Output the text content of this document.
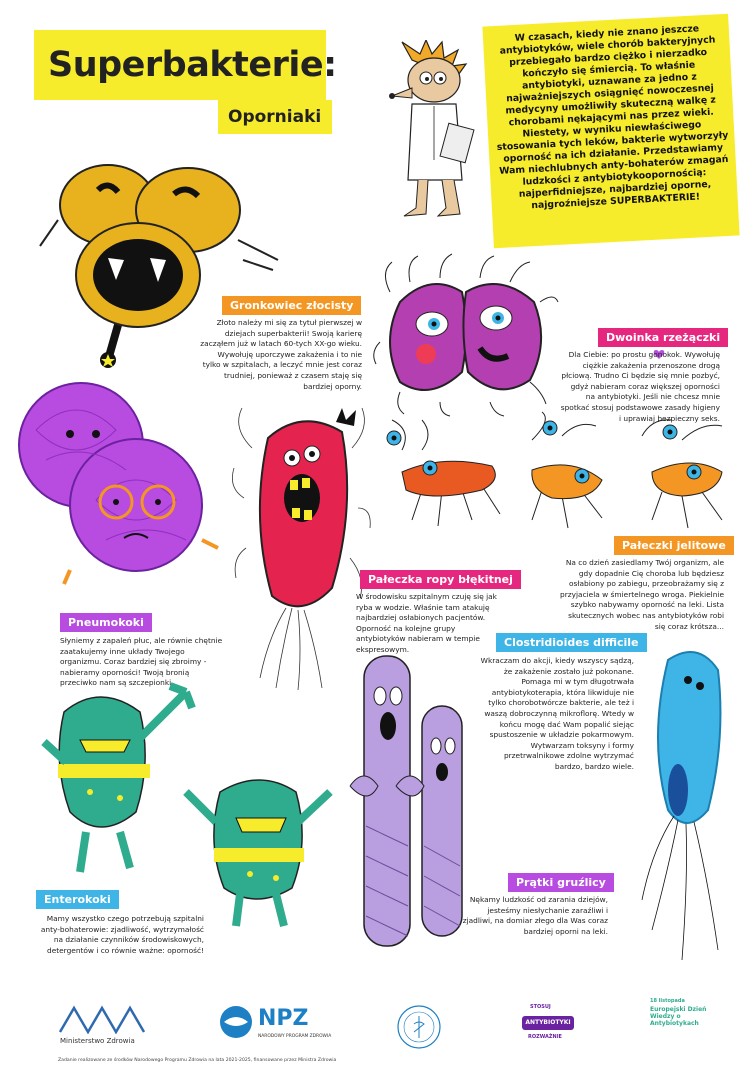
Superbakterie:
Oporniaki

W czasach, kiedy nie znano jeszcze antybiotyków, wiele chorób bakteryjnych przebiegało bardzo ciężko i nierzadko kończyło się śmiercią. To właśnie antybiotyki, uznawane za jedno z najważniejszych osiągnięć nowoczesnej medycyny umożliwiły skuteczną walkę z chorobami nękającymi nas przez wieki. Niestety, w wyniku niewłaściwego stosowania tych leków, bakterie wytworzyły oporność na ich działanie. Przedstawiamy Wam niechlubnych anty-bohaterów zmagań ludzkości z antybiotykoopornością: najperfidniejsze, najbardziej oporne, najgroźniejsze SUPERBAKTERIE!

Gronkowiec złocisty

Złoto należy mi się za tytuł pierwszej w dziejach superbakterii! Swoją karierę zacząłem już w latach 60-tych XX-go wieku. Wywołuję uporczywe zakażenia i to nie tylko w szpitalach, a leczyć mnie jest coraz trudniej, ponieważ z czasem staję się bardziej oporny.

Dwoinka rzeżączki

Dla Ciebie: po prostu gonokok. Wywołuję ciężkie zakażenia przenoszone drogą płciową. Trudno Ci będzie się mnie pozbyć, gdyż nabieram coraz większej oporności na antybiotyki. Jeśli nie chcesz mnie spotkać stosuj podstawowe zasady higieny i uprawiaj bezpieczny seks.

Pałeczki jelitowe

Na co dzień zasiedlamy Twój organizm, ale gdy dopadnie Cię choroba lub będziesz osłabiony po zabiegu, przeobrażamy się z przyjaciela w śmiertelnego wroga. Piekielnie szybko nabywamy oporność na leki. Lista skutecznych wobec nas antybiotyków robi się coraz krótsza...

Pałeczka ropy błękitnej

W środowisku szpitalnym czuję się jak ryba w wodzie. Właśnie tam atakuję najbardziej osłabionych pacjentów. Oporność na kolejne grupy antybiotyków nabieram w tempie ekspresowym.

Pneumokoki

Słyniemy z zapaleń płuc, ale równie chętnie zaatakujemy inne układy Twojego organizmu. Coraz bardziej się zbroimy - nabieramy oporności! Twoją bronią przeciwko nam są szczepionki.

Clostridioides difficile

Wkraczam do akcji, kiedy wszyscy sądzą, że zakażenie zostało już pokonane. Pomaga mi w tym długotrwała antybiotykoterapia, która likwiduje nie tylko chorobotwórcze bakterie, ale też i waszą dobroczynną mikroflorę. Wtedy w końcu mogę dać Wam popalić siejąc spustoszenie w układzie pokarmowym. Wytwarzam toksyny i formy przetrwalnikowe zdolne wytrzymać bardzo, bardzo wiele.

Prątki gruźlicy

Nękamy ludzkość od zarania dziejów, jesteśmy niesłychanie zaraźliwi i zjadliwi, na domiar złego dla Was coraz bardziej oporni na leki.

Enterokoki

Mamy wszystko czego potrzebują szpitalni anty-bohaterowie: zjadliwość, wytrzymałość na działanie czynników środowiskowych, detergentów i co równie ważne: oporność!

Ministerstwo Zdrowia
NPZ
NARODOWY PROGRAM ZDROWIA
STOSUJ
ANTYBIOTYKI
ROZWAŻNIE
18 listopada
Europejski Dzień Wiedzy o Antybiotykach
Zadanie realizowane ze środków Narodowego Programu Zdrowia na lata 2021-2025, finansowane przez Ministra Zdrowia
